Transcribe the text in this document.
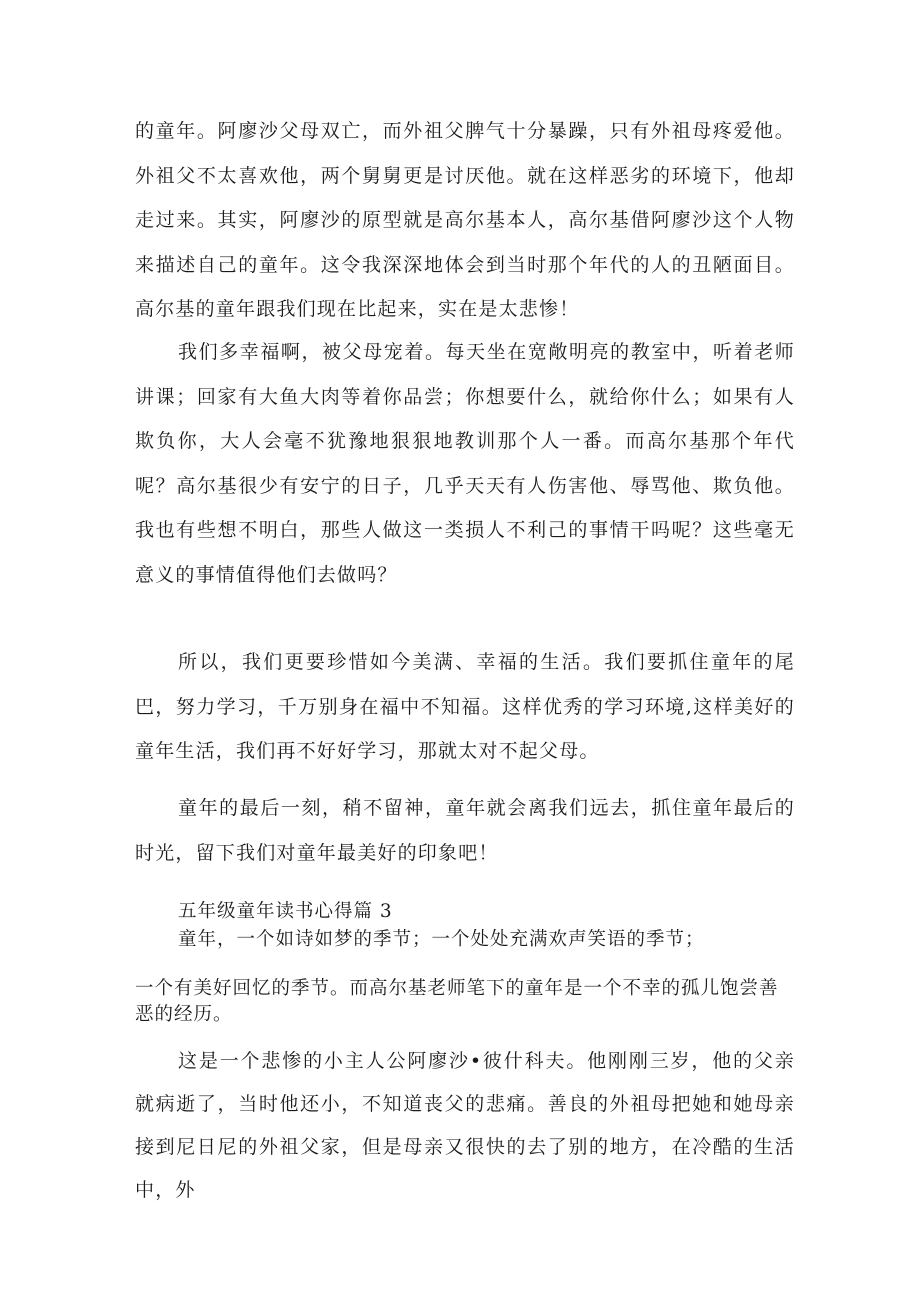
的童年。阿廖沙父母双亡，而外祖父脾气十分暴躁，只有外祖母疼爱他。外祖父不太喜欢他，两个舅舅更是讨厌他。就在这样恶劣的环境下，他却走过来。其实，阿廖沙的原型就是高尔基本人，高尔基借阿廖沙这个人物来描述自己的童年。这令我深深地体会到当时那个年代的人的丑陋面目。高尔基的童年跟我们现在比起来，实在是太悲惨！

我们多幸福啊，被父母宠着。每天坐在宽敞明亮的教室中，听着老师讲课；回家有大鱼大肉等着你品尝；你想要什么，就给你什么；如果有人欺负你，大人会毫不犹豫地狠狠地教训那个人一番。而高尔基那个年代呢？高尔基很少有安宁的日子，几乎天天有人伤害他、辱骂他、欺负他。我也有些想不明白，那些人做这一类损人不利己的事情干吗呢？这些毫无意义的事情值得他们去做吗？

所以，我们更要珍惜如今美满、幸福的生活。我们要抓住童年的尾巴，努力学习，千万别身在福中不知福。这样优秀的学习环境,这样美好的童年生活，我们再不好好学习，那就太对不起父母。

童年的最后一刻，稍不留神，童年就会离我们远去，抓住童年最后的时光，留下我们对童年最美好的印象吧！

五年级童年读书心得篇 3

童年，一个如诗如梦的季节；一个处处充满欢声笑语的季节；

一个有美好回忆的季节。而高尔基老师笔下的童年是一个不幸的孤儿饱尝善恶的经历。

这是一个悲惨的小主人公阿廖沙•彼什科夫。他刚刚三岁，他的父亲就病逝了，当时他还小，不知道丧父的悲痛。善良的外祖母把她和她母亲接到尼日尼的外祖父家，但是母亲又很快的去了别的地方，在冷酷的生活中，外
